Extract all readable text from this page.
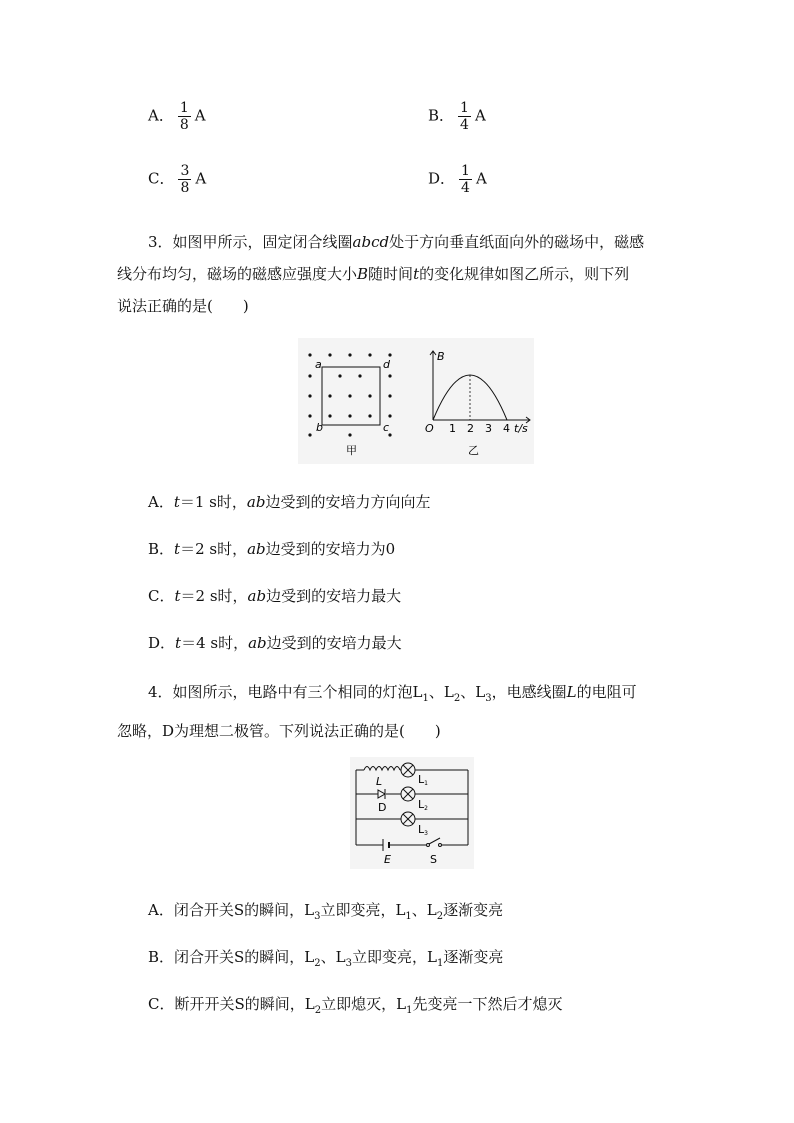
A． $\frac{1}{8}$ A	B． $\frac{1}{4}$ A
C． $\frac{3}{8}$ A	D． $\frac{1}{4}$ A
3．如图甲所示，固定闭合线圈abcd处于方向垂直纸面向外的磁场中，磁感
线分布均匀，磁场的磁感应强度大小B随时间t的变化规律如图乙所示，则下列
说法正确的是(　　)
a	d
b	c
甲
B
O 1 2 3 4 t/s
乙
A．t＝1 s时，ab边受到的安培力方向向左
B．t＝2 s时，ab边受到的安培力为0
C．t＝2 s时，ab边受到的安培力最大
D．t＝4 s时，ab边受到的安培力最大
4．如图所示，电路中有三个相同的灯泡$L_1$、$L_2$、$L_3$，电感线圈L的电阻可
忽略，D为理想二极管。下列说法正确的是(　　)
L
D
L1
L2
L3
E	S
A．闭合开关S的瞬间，$L_3$立即变亮，$L_1$、$L_2$逐渐变亮
B．闭合开关S的瞬间，$L_2$、$L_3$立即变亮，$L_1$逐渐变亮
C．断开开关S的瞬间，$L_2$立即熄灭，$L_1$先变亮一下然后才熄灭
